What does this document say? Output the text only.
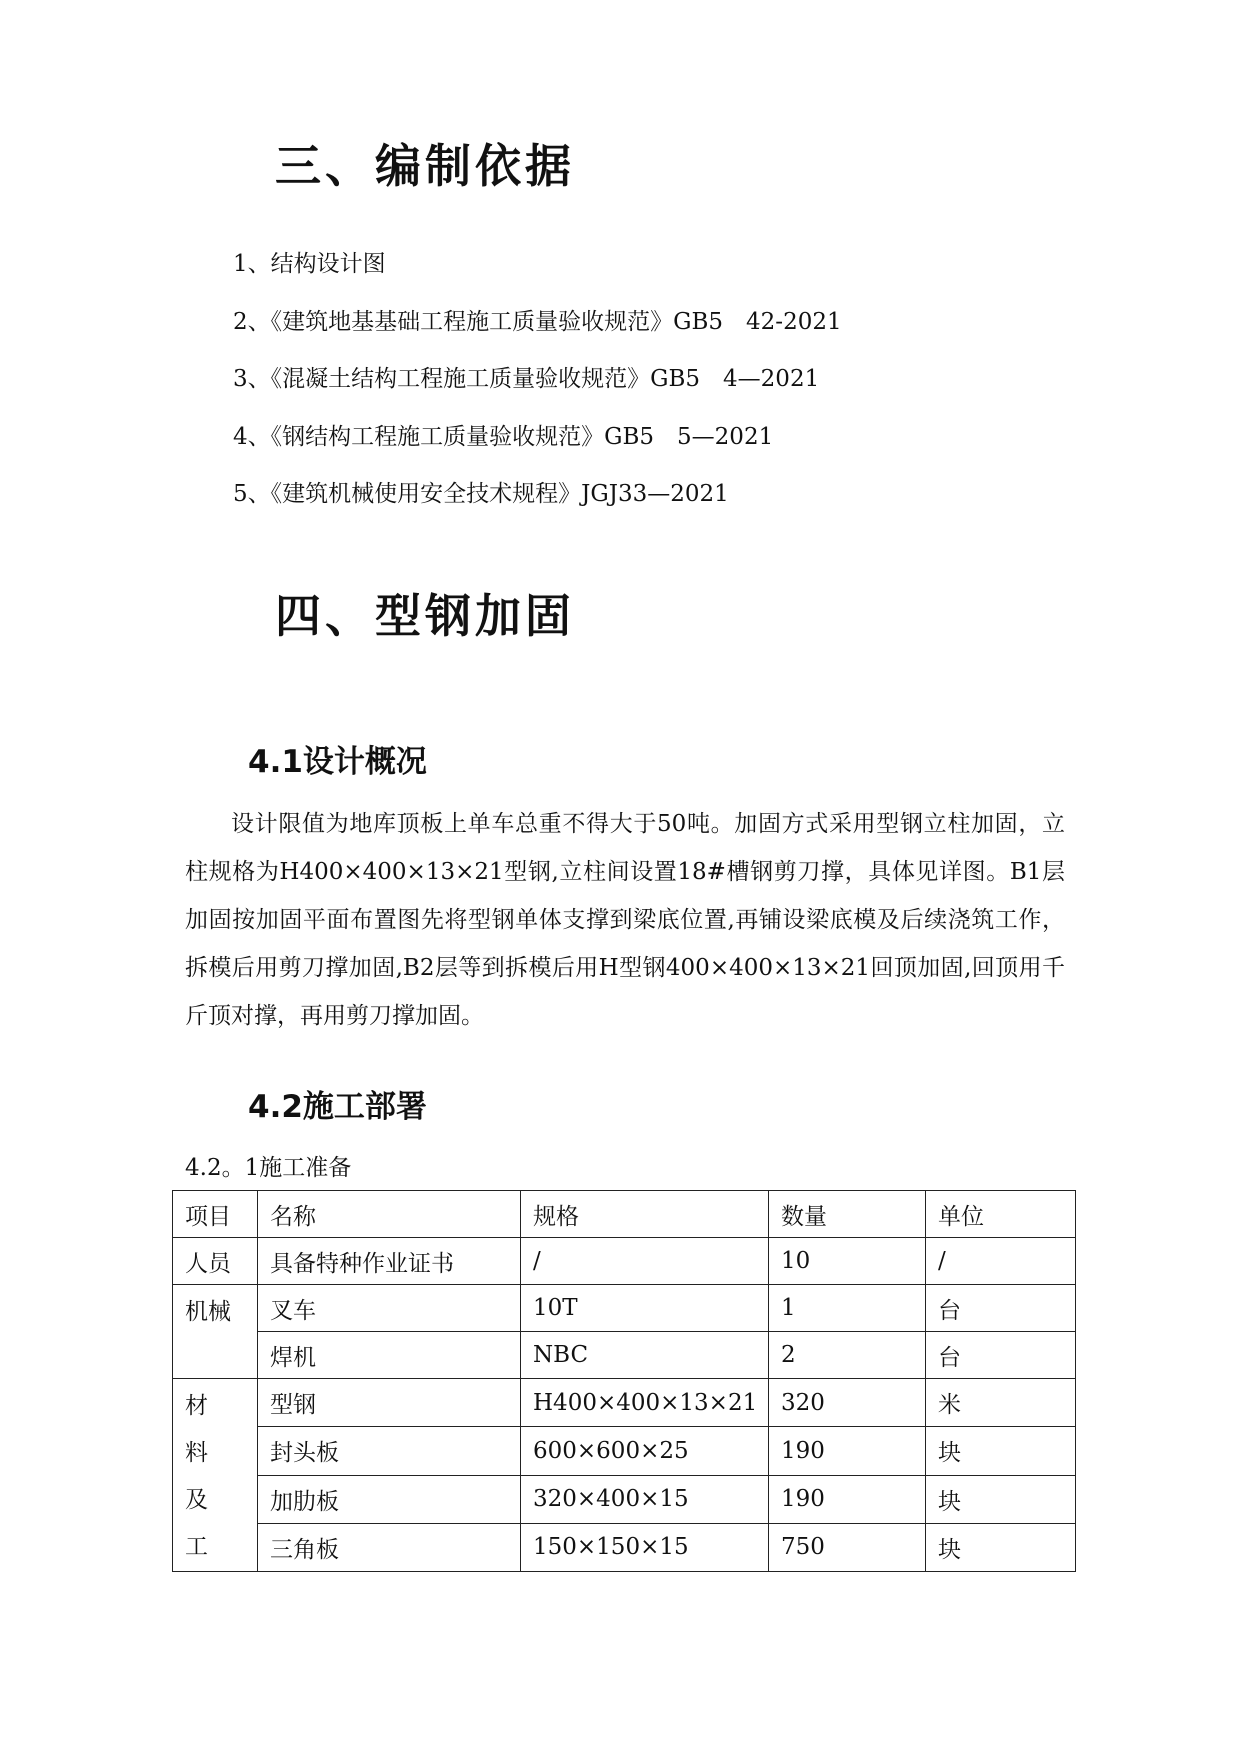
三、编制依据
1、结构设计图
2、《建筑地基基础工程施工质量验收规范》GB5　42-2021
3、《混凝土结构工程施工质量验收规范》GB5　4—2021
4、《钢结构工程施工质量验收规范》GB5　5—2021
5、《建筑机械使用安全技术规程》JGJ33—2021
四、型钢加固
4.1设计概况

设计限值为地库顶板上单车总重不得大于50吨。加固方式采用型钢立柱加固，立柱规格为H400×400×13×21型钢,立柱间设置18#槽钢剪刀撑，具体见详图。B1层加固按加固平面布置图先将型钢单体支撑到梁底位置,再铺设梁底模及后续浇筑工作，拆模后用剪刀撑加固,B2层等到拆模后用H型钢400×400×13×21回顶加固,回顶用千斤顶对撑，再用剪刀撑加固。

4.2施工部署
4.2。1施工准备
项目	名称	规格	数量	单位
人员	具备特种作业证书	/	10	/
机械	叉车	10T	1	台
	焊机	NBC	2	台

材
料
及
工	型钢	H400×400×13×21	320	米
	封头板	600×600×25	190	块
	加肋板	320×400×15	190	块
	三角板	150×150×15	750	块
